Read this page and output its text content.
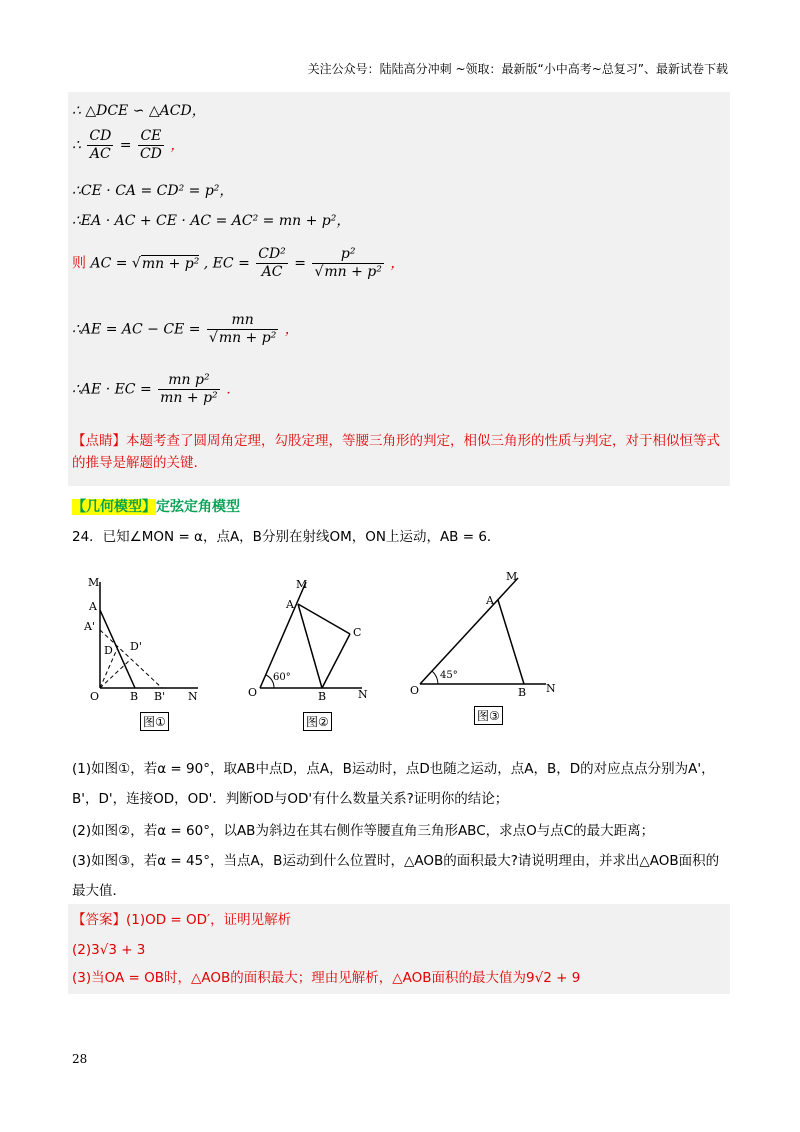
关注公众号：陆陆高分冲刺 ~领取：最新版“小中高考~总复习”、最新试卷下载
∴ △DCE ∽ △ACD，
∴ $\frac{CD}{AC} = \frac{CE}{CD}$ ，
∴CE · CA = CD² = p²，
∴EA · AC + CE · AC = AC² = mn + p²，
则 AC = √mn + p² , EC = $\frac{\text{CD²}}{AC} = \frac{\text{p²}}{\text{√mn + p²}}$ ，
∴AE = AC − CE = $\frac{mn}{\text{√mn + p²}}$ ，
∴AE · EC = $\frac{\text{mn p²}}{\text{mn + p²}}$ ．
【点睛】本题考查了圆周角定理，勾股定理，等腰三角形的判定，相似三角形的性质与判定，对于相似恒等式的推导是解题的关键.
【几何模型】定弦定角模型
24．已知∠MON = α，点A，B分别在射线OM，ON上运动，AB = 6．
M
A
A'
D D'
O	B B' N
图①
M
A
C
60°
O	B	N
图②
M
A
45°
O	B N
图③
(1)如图①，若α = 90°，取AB中点D，点A，B运动时，点D也随之运动，点A，B，D的对应点点分别为A'，B'，D'，连接OD，OD'．判断OD与OD'有什么数量关系?证明你的结论；
(2)如图②，若α = 60°，以AB为斜边在其右侧作等腰直角三角形ABC，求点O与点C的最大距离；
(3)如图③，若α = 45°，当点A，B运动到什么位置时，△AOB的面积最大?请说明理由，并求出△AOB面积的最大值．
【答案】(1)OD = OD′，证明见解析
(2)3√3 + 3
(3)当OA = OB时，△AOB的面积最大；理由见解析，△AOB面积的最大值为9√2 + 9
28
